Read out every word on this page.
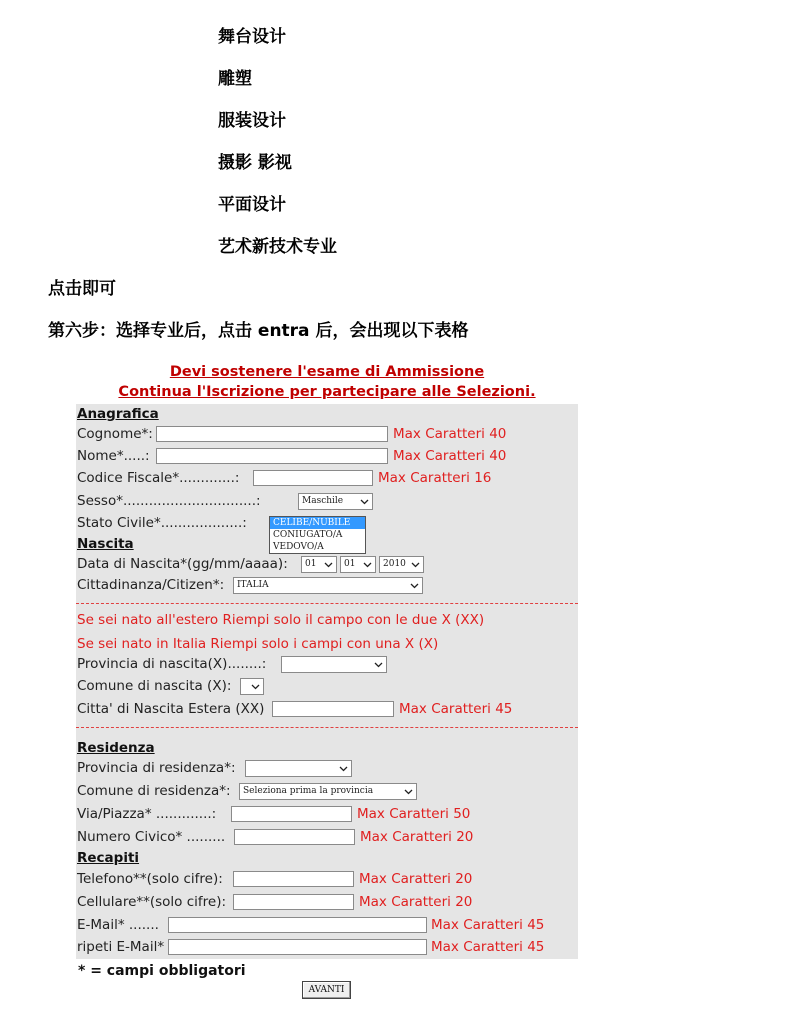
舞台设计
雕塑
服装设计
摄影 影视
平面设计
艺术新技术专业
点击即可
第六步：选择专业后，点击 entra 后，会出现以下表格
Devi sostenere l'esame di Ammissione
Continua l'Iscrizione per partecipare alle Selezioni.
Anagrafica
Cognome*:	Max Caratteri 40
Nome*.....:	Max Caratteri 40
Codice Fiscale*.............:	Max Caratteri 16
Sesso*...............................:	Maschile
Stato Civile*...................:
Nascita
Data di Nascita*(gg/mm/aaaa):	01	01	2010
Cittadinanza/Citizen*:	ITALIA
Se sei nato all'estero Riempi solo il campo con le due X (XX)
Se sei nato in Italia Riempi solo i campi con una X (X)
Provincia di nascita(X)........:
Comune di nascita (X):
Citta' di Nascita Estera (XX)	Max Caratteri 45
Residenza
Provincia di residenza*:
Comune di residenza*:	Seleziona prima la provincia
Via/Piazza* .............:	Max Caratteri 50
Numero Civico* .........	Max Caratteri 20
Recapiti
Telefono**(solo cifre):	Max Caratteri 20
Cellulare**(solo cifre):	Max Caratteri 20
E-Mail* .......	Max Caratteri 45
ripeti E-Mail*	Max Caratteri 45
* = campi obbligatori
AVANTI
CELIBE/NUBILE
CONIUGATO/A
VEDOVO/A
